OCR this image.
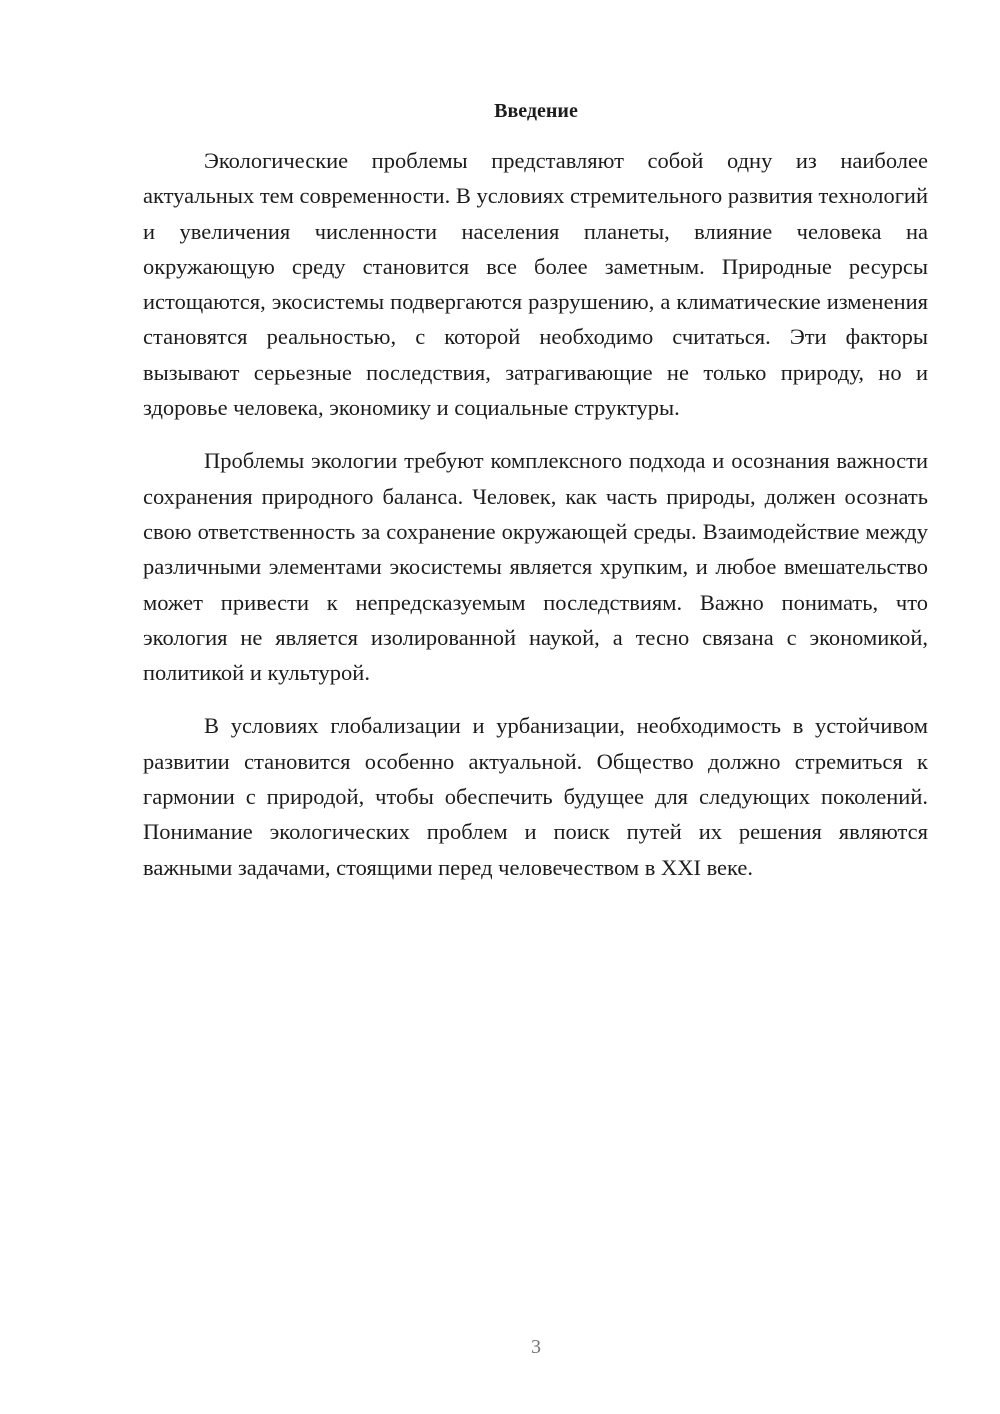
Введение

Экологические проблемы представляют собой одну из наиболее актуальных тем современности. В условиях стремительного развития технологий и увеличения численности населения планеты, влияние человека на окружающую среду становится все более заметным. Природные ресурсы истощаются, экосистемы подвергаются разрушению, а климатические изменения становятся реальностью, с которой необходимо считаться. Эти факторы вызывают серьезные последствия, затрагивающие не только природу, но и здоровье человека, экономику и социальные структуры.

Проблемы экологии требуют комплексного подхода и осознания важности сохранения природного баланса. Человек, как часть природы, должен осознать свою ответственность за сохранение окружающей среды. Взаимодействие между различными элементами экосистемы является хрупким, и любое вмешательство может привести к непредсказуемым последствиям. Важно понимать, что экология не является изолированной наукой, а тесно связана с экономикой, политикой и культурой.

В условиях глобализации и урбанизации, необходимость в устойчивом развитии становится особенно актуальной. Общество должно стремиться к гармонии с природой, чтобы обеспечить будущее для следующих поколений. Понимание экологических проблем и поиск путей их решения являются важными задачами, стоящими перед человечеством в XXI веке.

3
